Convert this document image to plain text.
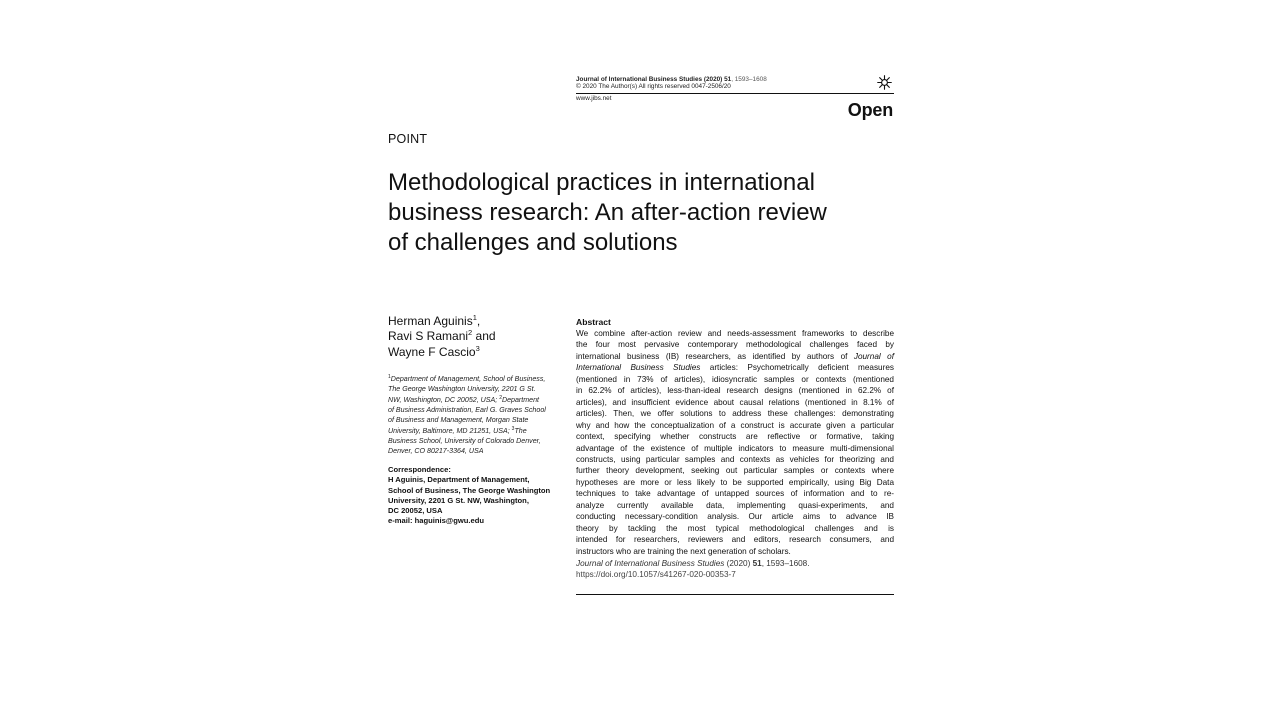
Journal of International Business Studies (2020) 51, 1593–1608
© 2020 The Author(s) All rights reserved 0047-2506/20
www.jibs.net
Open
POINT
Methodological practices in international
business research: An after-action review
of challenges and solutions
Herman Aguinis$^1$,
Ravi S Ramani$^2$ and
Wayne F Cascio$^3$
$^1$Department of Management, School of Business,
The George Washington University, 2201 G St.
NW, Washington, DC 20052, USA; $^2$Department
of Business Administration, Earl G. Graves School
of Business and Management, Morgan State
University, Baltimore, MD 21251, USA; $^3$The
Business School, University of Colorado Denver,
Denver, CO 80217-3364, USA
Correspondence:
H Aguinis, Department of Management,
School of Business, The George Washington
University, 2201 G St. NW, Washington,
DC 20052, USA
e-mail: haguinis@gwu.edu
Abstract
We combine after-action review and needs-assessment frameworks to describe
the four most pervasive contemporary methodological challenges faced by
international business (IB) researchers, as identified by authors of Journal of
International Business Studies articles: Psychometrically deficient measures
(mentioned in 73% of articles), idiosyncratic samples or contexts (mentioned
in 62.2% of articles), less-than-ideal research designs (mentioned in 62.2% of
articles), and insufficient evidence about causal relations (mentioned in 8.1% of
articles). Then, we offer solutions to address these challenges: demonstrating
why and how the conceptualization of a construct is accurate given a particular
context, specifying whether constructs are reflective or formative, taking
advantage of the existence of multiple indicators to measure multi-dimensional
constructs, using particular samples and contexts as vehicles for theorizing and
further theory development, seeking out particular samples or contexts where
hypotheses are more or less likely to be supported empirically, using Big Data
techniques to take advantage of untapped sources of information and to re-
analyze currently available data, implementing quasi-experiments, and
conducting necessary-condition analysis. Our article aims to advance IB
theory by tackling the most typical methodological challenges and is
intended for researchers, reviewers and editors, research consumers, and
instructors who are training the next generation of scholars.
Journal of International Business Studies (2020) 51, 1593–1608.
https://doi.org/10.1057/s41267-020-00353-7
